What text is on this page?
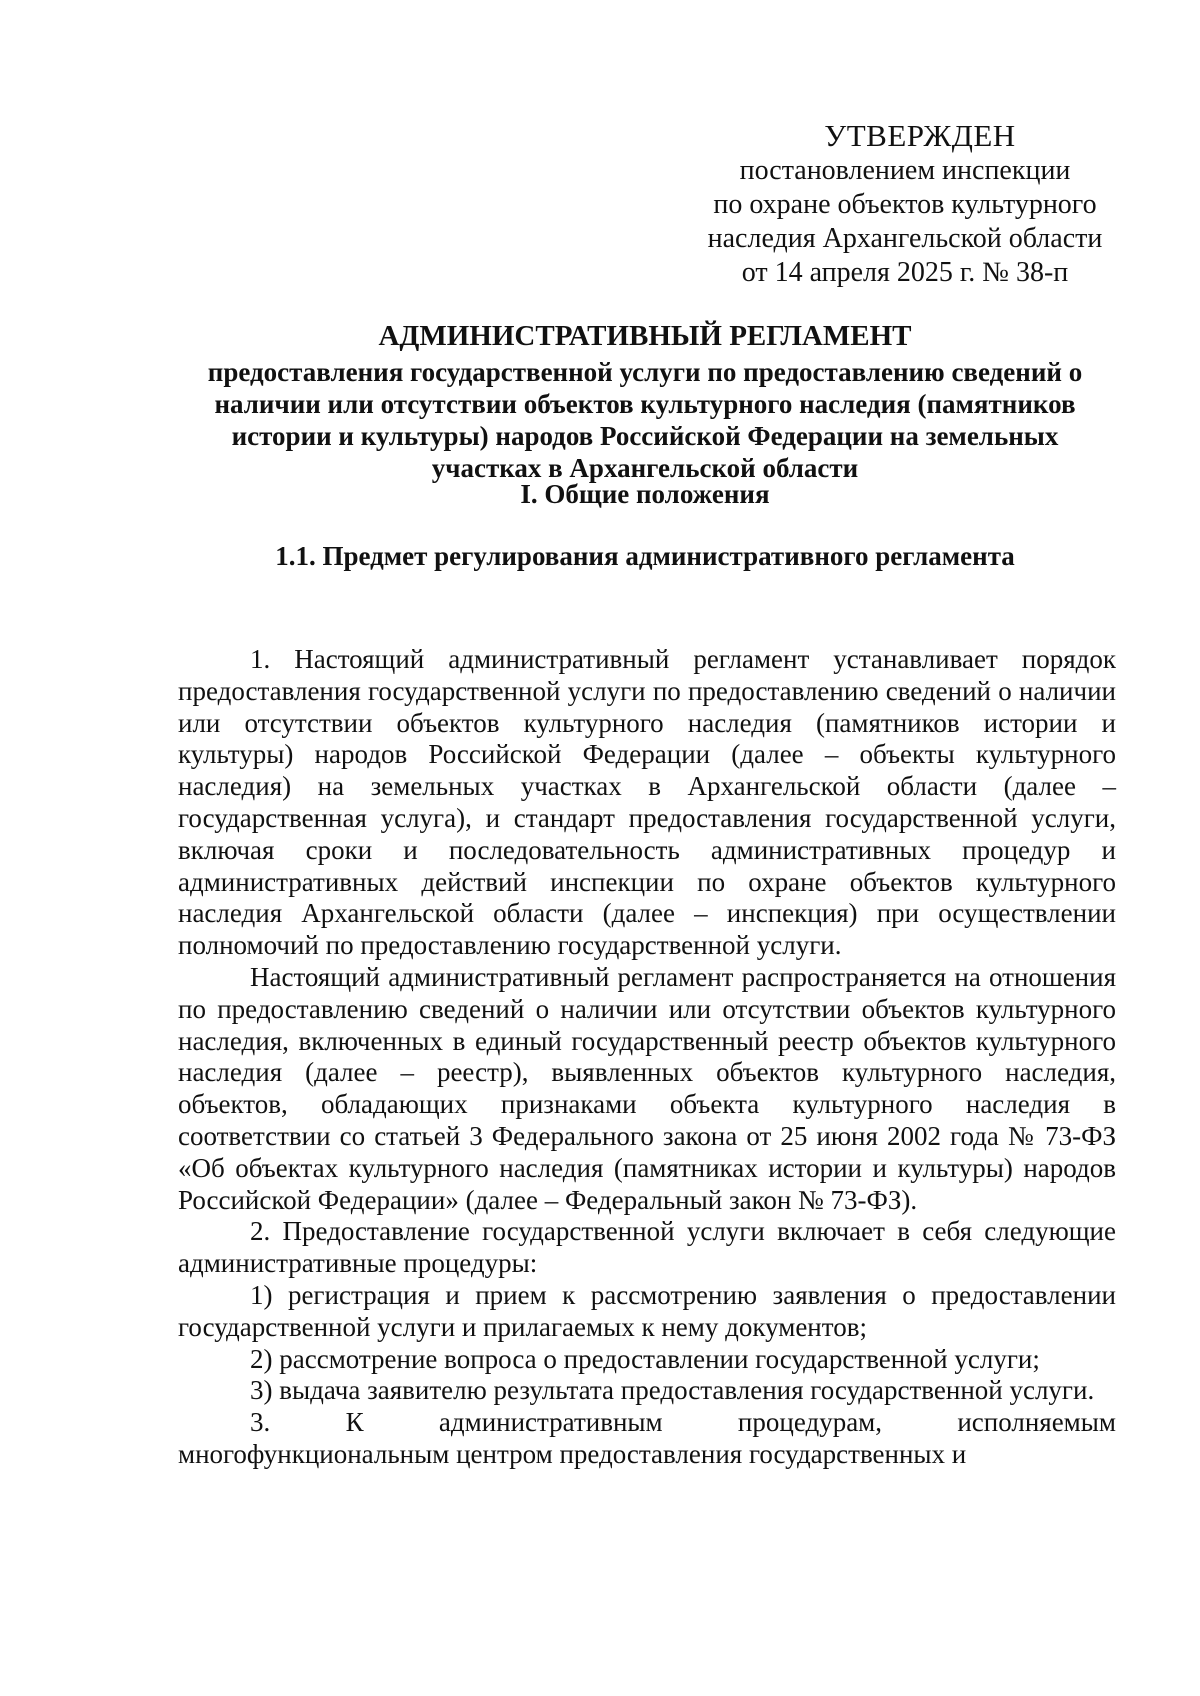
УТВЕРЖДЕН
постановлением инспекции
по охране объектов культурного
наследия Архангельской области
от 14 апреля 2025 г. № 38-п
АДМИНИСТРАТИВНЫЙ РЕГЛАМЕНТ
предоставления государственной услуги по предоставлению сведений о
наличии или отсутствии объектов культурного наследия (памятников
истории и культуры) народов Российской Федерации на земельных
участках в Архангельской области
I. Общие положения
1.1. Предмет регулирования административного регламента

1. Настоящий административный регламент устанавливает порядок предоставления государственной услуги по предоставлению сведений о наличии или отсутствии объектов культурного наследия (памятников истории и культуры) народов Российской Федерации (далее – объекты культурного наследия) на земельных участках в Архангельской области (далее – государственная услуга), и стандарт предоставления государственной услуги, включая сроки и последовательность административных процедур и административных действий инспекции по охране объектов культурного наследия Архангельской области (далее – инспекция) при осуществлении полномочий по предоставлению государственной услуги.

Настоящий административный регламент распространяется на отношения по предоставлению сведений о наличии или отсутствии объектов культурного наследия, включенных в единый государственный реестр объектов культурного наследия (далее – реестр), выявленных объектов культурного наследия, объектов, обладающих признаками объекта культурного наследия в соответствии со статьей 3 Федерального закона от 25 июня 2002 года № 73-ФЗ «Об объектах культурного наследия (памятниках истории и культуры) народов Российской Федерации» (далее – Федеральный закон № 73-ФЗ).

2. Предоставление государственной услуги включает в себя следующие административные процедуры:

1) регистрация и прием к рассмотрению заявления о предоставлении государственной услуги и прилагаемых к нему документов;

2) рассмотрение вопроса о предоставлении государственной услуги;

3) выдача заявителю результата предоставления государственной услуги.

3. К административным процедурам, исполняемым многофункциональным центром предоставления государственных и
